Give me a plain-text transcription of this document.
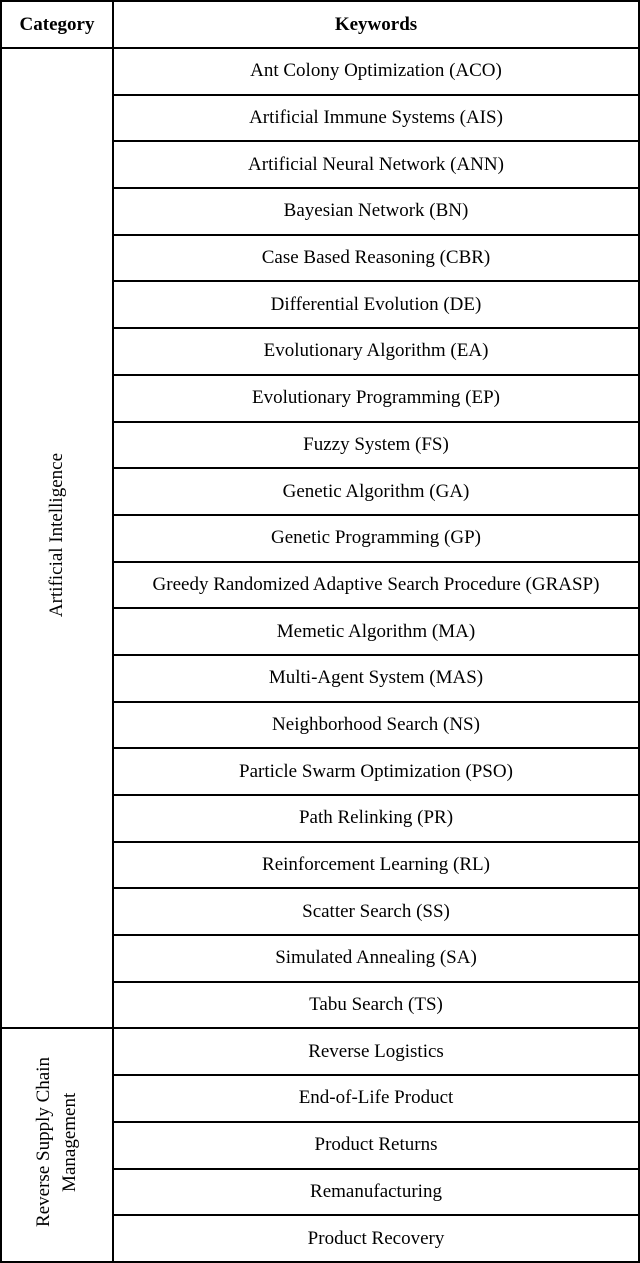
Category	Keywords
Artificial Intelligence	Ant Colony Optimization (ACO)
	Artificial Immune Systems (AIS)
	Artificial Neural Network (ANN)
	Bayesian Network (BN)
	Case Based Reasoning (CBR)
	Differential Evolution (DE)
	Evolutionary Algorithm (EA)
	Evolutionary Programming (EP)
	Fuzzy System (FS)
	Genetic Algorithm (GA)
	Genetic Programming (GP)
	Greedy Randomized Adaptive Search Procedure (GRASP)
	Memetic Algorithm (MA)
	Multi-Agent System (MAS)
	Neighborhood Search (NS)
	Particle Swarm Optimization (PSO)
	Path Relinking (PR)
	Reinforcement Learning (RL)
	Scatter Search (SS)
	Simulated Annealing (SA)
	Tabu Search (TS)
Reverse Supply Chain Management	Reverse Logistics
	End-of-Life Product
	Product Returns
	Remanufacturing
	Product Recovery
